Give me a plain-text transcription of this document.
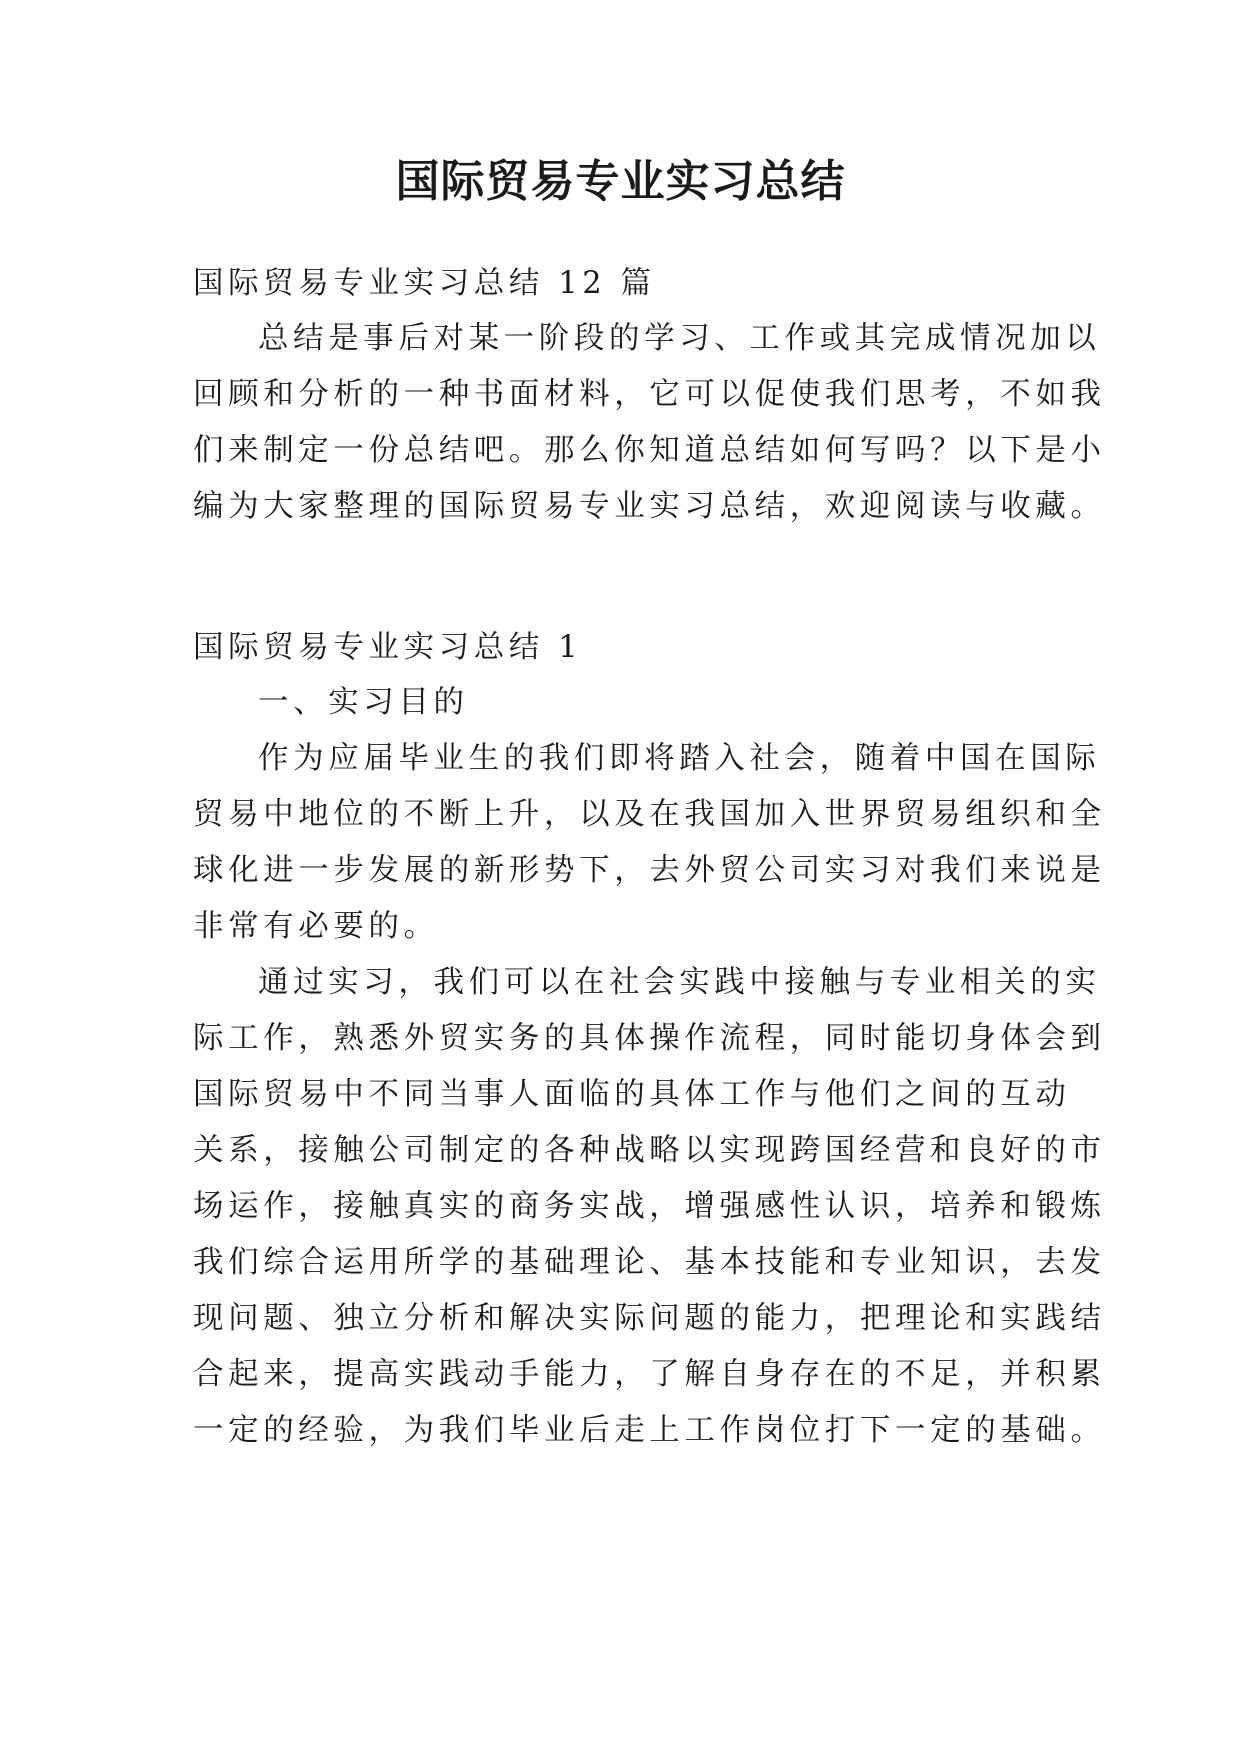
国际贸易专业实习总结

国际贸易专业实习总结 12 篇

总结是事后对某一阶段的学习、工作或其完成情况加以

回顾和分析的一种书面材料，它可以促使我们思考，不如我

们来制定一份总结吧。那么你知道总结如何写吗？以下是小

编为大家整理的国际贸易专业实习总结，欢迎阅读与收藏。

国际贸易专业实习总结 1

一、实习目的

作为应届毕业生的我们即将踏入社会，随着中国在国际

贸易中地位的不断上升，以及在我国加入世界贸易组织和全

球化进一步发展的新形势下，去外贸公司实习对我们来说是

非常有必要的。

通过实习，我们可以在社会实践中接触与专业相关的实

际工作，熟悉外贸实务的具体操作流程，同时能切身体会到

国际贸易中不同当事人面临的具体工作与他们之间的互动

关系，接触公司制定的各种战略以实现跨国经营和良好的市

场运作，接触真实的商务实战，增强感性认识，培养和锻炼

我们综合运用所学的基础理论、基本技能和专业知识，去发

现问题、独立分析和解决实际问题的能力，把理论和实践结

合起来，提高实践动手能力，了解自身存在的不足，并积累

一定的经验，为我们毕业后走上工作岗位打下一定的基础。
